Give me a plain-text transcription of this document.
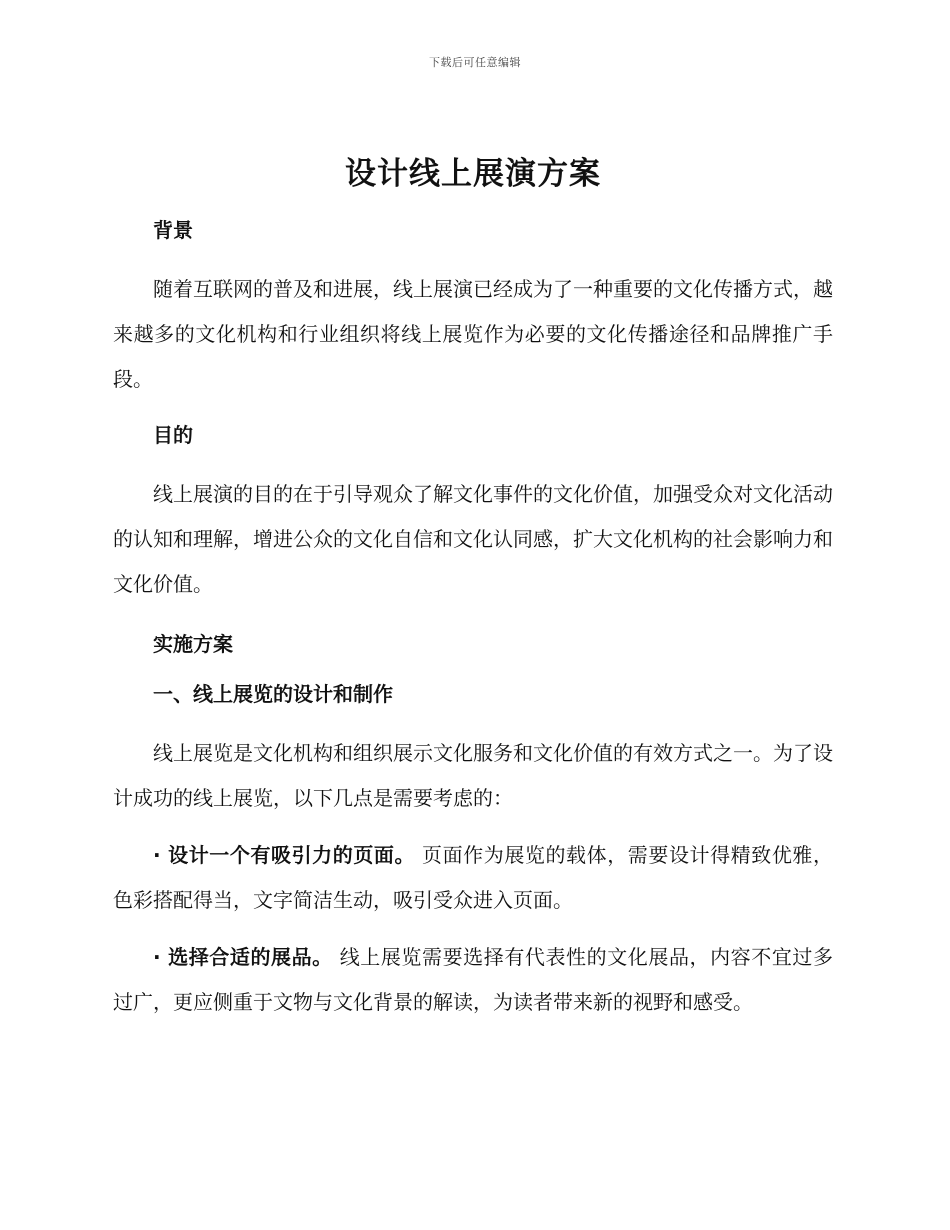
下载后可任意编辑
设计线上展演方案
背景

随着互联网的普及和进展，线上展演已经成为了一种重要的文化传播方式，越来越多的文化机构和行业组织将线上展览作为必要的文化传播途径和品牌推广手段。

目的

线上展演的目的在于引导观众了解文化事件的文化价值，加强受众对文化活动的认知和理解，增进公众的文化自信和文化认同感，扩大文化机构的社会影响力和文化价值。

实施方案
一、线上展览的设计和制作

线上展览是文化机构和组织展示文化服务和文化价值的有效方式之一。为了设计成功的线上展览，以下几点是需要考虑的：

· 设计一个有吸引力的页面。 页面作为展览的载体，需要设计得精致优雅，色彩搭配得当，文字简洁生动，吸引受众进入页面。

· 选择合适的展品。 线上展览需要选择有代表性的文化展品，内容不宜过多过广，更应侧重于文物与文化背景的解读，为读者带来新的视野和感受。
